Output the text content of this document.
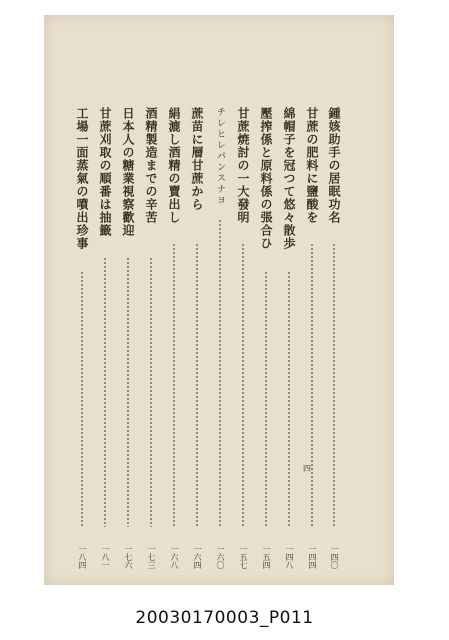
鍾姟助手の居眠功名
一四〇
甘蔗の肥料に鹽酸を
一四四
綿帽子を冠つて悠々散歩
一四八
壓搾係と原料係の張合ひ
一五四
甘蔗焼討の一大發明
一五七
チレヒレパンスナヨ
一六〇
蔗苗に層甘蔗から
一六四
絹漉し酒精の賣出し
一六八
酒精製造までの辛苦
一七三
日本人の糖業視察歡迎
一七六
甘蔗刈取の順番は抽籤
一八一
工場一面蒸氣の噴出珍事
一八四
四
20030170003_P011
